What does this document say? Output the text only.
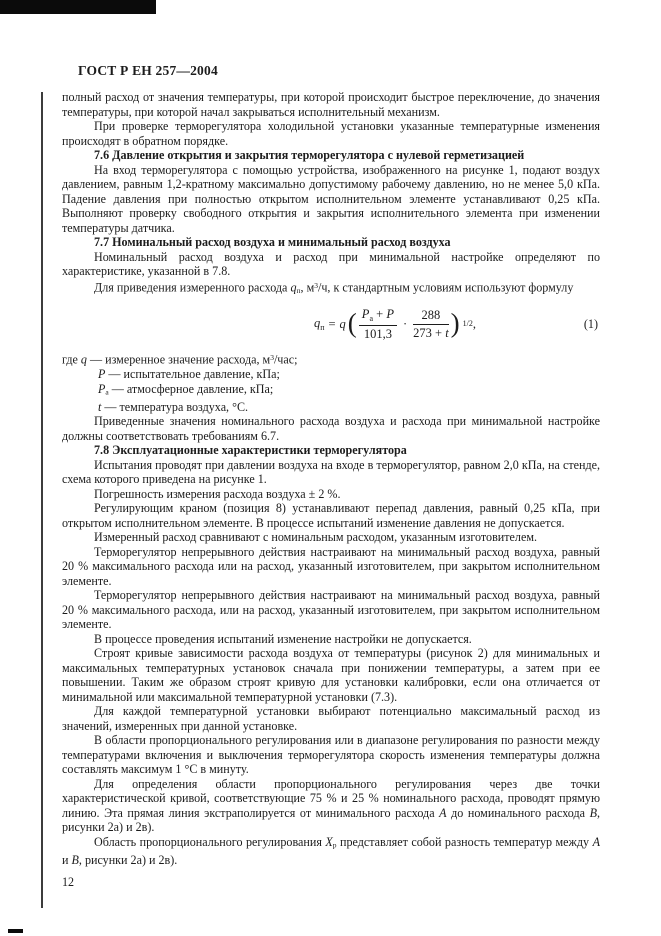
ГОСТ Р ЕН 257—2004

полный расход от значения температуры, при которой происходит быстрое переключение, до значения температуры, при которой начал закрываться исполнительный механизм.

При проверке терморегулятора холодильной установки указанные температурные изменения происходят в обратном порядке.

7.6 Давление открытия и закрытия терморегулятора с нулевой герметизацией

На вход терморегулятора с помощью устройства, изображенного на рисунке 1, подают воздух давлением, равным 1,2-кратному максимально допустимому рабочему давлению, но не менее 5,0 кПа. Падение давления при полностью открытом исполнительном элементе устанавливают 0,25 кПа. Выполняют проверку свободного открытия и закрытия исполнительного элемента при изменении температуры датчика.

7.7 Номинальный расход воздуха и минимальный расход воздуха

Номинальный расход воздуха и расход при минимальной настройке определяют по характеристике, указанной в 7.8.

Для приведения измеренного расхода qп, $м^3/ч$, к стандартным условиям используют формулу

$q_п = q$ ( $\frac{P_а + P}{101,3} \cdot \frac{288}{273 + t}$ ) 1/2 ,	(1)

где q — измеренное значение расхода, $м^3$/час;

P — испытательное давление, кПа;

Pа — атмосферное давление, кПа;

t — температура воздуха, °С.

Приведенные значения номинального расхода воздуха и расхода при минимальной настройке должны соответствовать требованиям 6.7.

7.8 Эксплуатационные характеристики терморегулятора

Испытания проводят при давлении воздуха на входе в терморегулятор, равном 2,0 кПа, на стенде, схема которого приведена на рисунке 1.

Погрешность измерения расхода воздуха ± 2 %.

Регулирующим краном (позиция 8) устанавливают перепад давления, равный 0,25 кПа, при открытом исполнительном элементе. В процессе испытаний изменение давления не допускается.

Измеренный расход сравнивают с номинальным расходом, указанным изготовителем.

Терморегулятор непрерывного действия настраивают на минимальный расход воздуха, равный 20 % максимального расхода или на расход, указанный изготовителем, при закрытом исполнительном элементе.

Терморегулятор непрерывного действия настраивают на минимальный расход воздуха, равный 20 % максимального расхода, или на расход, указанный изготовителем, при закрытом исполнительном элементе.

В процессе проведения испытаний изменение настройки не допускается.

Строят кривые зависимости расхода воздуха от температуры (рисунок 2) для минимальных и максимальных температурных установок сначала при понижении температуры, а затем при ее повышении. Таким же образом строят кривую для установки калибровки, если она отличается от минимальной или максимальной температурной установки (7.3).

Для каждой температурной установки выбирают потенциально максимальный расход из значений, измеренных при данной установке.

В области пропорционального регулирования или в диапазоне регулирования по разности между температурами включения и выключения терморегулятора скорость изменения температуры должна составлять максимум 1 °С в минуту.

Для определения области пропорционального регулирования через две точки характеристической кривой, соответствующие 75 % и 25 % номинального расхода, проводят прямую линию. Эта прямая линия экстраполируется от минимального расхода А до номинального расхода В, рисунки 2а) и 2в).

Область пропорционального регулирования Xр представляет собой разность температур между А и В, рисунки 2а) и 2в).

12
